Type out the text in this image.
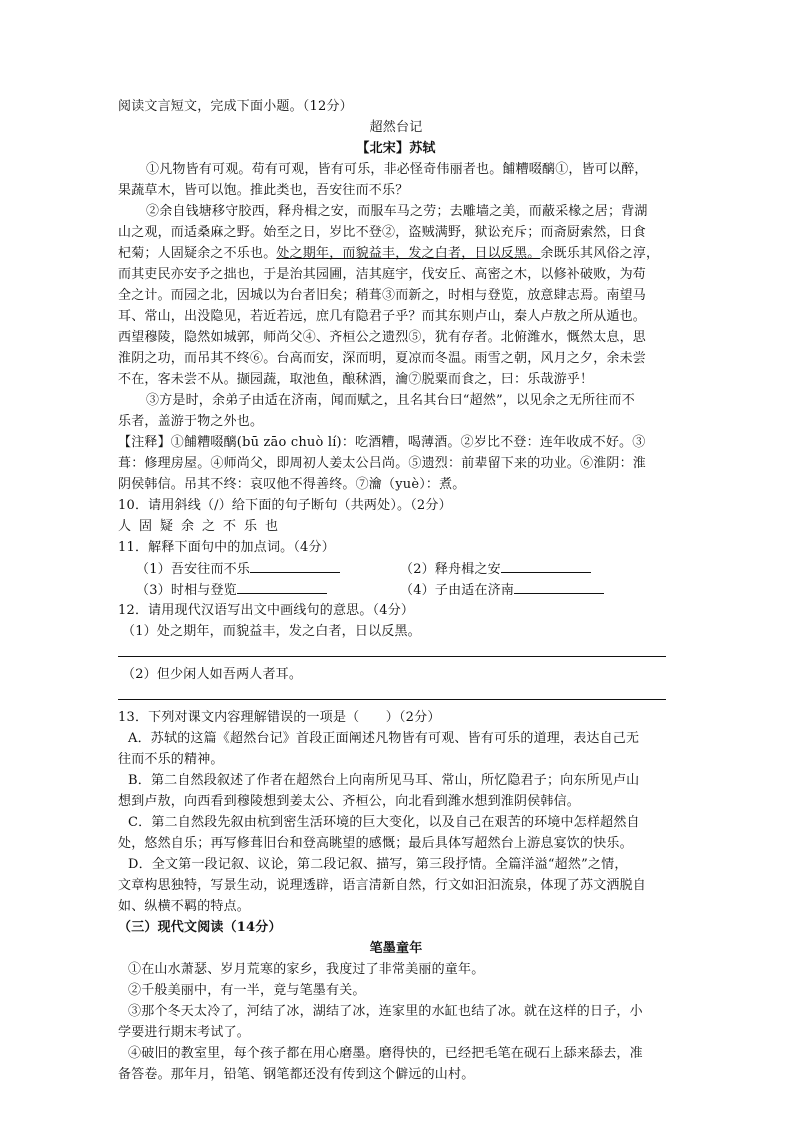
阅读文言短文，完成下面小题。（12分）
超然台记
【北宋】苏轼
①凡物皆有可观。苟有可观，皆有可乐，非必怪奇伟丽者也。餔糟啜醨①，皆可以醉，
果蔬草木，皆可以饱。推此类也，吾安往而不乐？
②余自钱塘移守胶西，释舟楫之安，而服车马之劳；去雕墙之美，而蔽采椽之居；背湖
山之观，而适桑麻之野。始至之日，岁比不登②，盗贼满野，狱讼充斥；而斋厨索然，日食
杞菊；人固疑余之不乐也。处之期年，而貌益丰，发之白者，日以反黑。余既乐其风俗之淳，
而其吏民亦安予之拙也，于是治其园圃，洁其庭宇，伐安丘、高密之木，以修补破败，为苟
全之计。而园之北，因城以为台者旧矣；稍葺③而新之，时相与登览，放意肆志焉。南望马
耳、常山，出没隐见，若近若远，庶几有隐君子乎？而其东则卢山，秦人卢敖之所从遁也。
西望穆陵，隐然如城郭，师尚父④、齐桓公之遗烈⑤，犹有存者。北俯潍水，慨然太息，思
淮阴之功，而吊其不终⑥。台高而安，深而明，夏凉而冬温。雨雪之朝，风月之夕，余未尝
不在，客未尝不从。撷园蔬，取池鱼，酿秫酒，瀹⑦脱粟而食之，曰：乐哉游乎！
③方是时，余弟子由适在济南，闻而赋之，且名其台曰“超然”，以见余之无所往而不
乐者，盖游于物之外也。
【注释】①餔糟啜醨(bū zāo chuò lí)：吃酒糟，喝薄酒。②岁比不登：连年收成不好。③
葺：修理房屋。④师尚父，即周初人姜太公吕尚。⑤遗烈：前辈留下来的功业。⑥淮阴：淮
阴侯韩信。吊其不终：哀叹他不得善终。⑦瀹（yuè）：煮。
10．请用斜线（/）给下面的句子断句（共两处）。（2分）
人固疑余之不乐也
11．解释下面句中的加点词。（4分）
（1）吾安往而不乐	（2）释舟楫之安
（3）时相与登览	（4）子由适在济南
12．请用现代汉语写出文中画线句的意思。（4分）
（1）处之期年，而貌益丰，发之白者，日以反黑。
（2）但少闲人如吾两人者耳。
13．下列对课文内容理解错误的一项是（　　）（2分）
A．苏轼的这篇《超然台记》首段正面阐述凡物皆有可观、皆有可乐的道理，表达自己无
往而不乐的精神。
B．第二自然段叙述了作者在超然台上向南所见马耳、常山，所忆隐君子；向东所见卢山
想到卢敖，向西看到穆陵想到姜太公、齐桓公，向北看到潍水想到淮阴侯韩信。
C．第二自然段先叙由杭到密生活环境的巨大变化，以及自己在艰苦的环境中怎样超然自
处，悠然自乐；再写修葺旧台和登高眺望的感慨；最后具体写超然台上游息宴饮的快乐。
D．全文第一段记叙、议论，第二段记叙、描写，第三段抒情。全篇洋溢“超然”之情，
文章构思独特，写景生动，说理透辟，语言清新自然，行文如汩汩流泉，体现了苏文洒脱自
如、纵横不羁的特点。
（三）现代文阅读（14分）
笔墨童年
①在山水萧瑟、岁月荒寒的家乡，我度过了非常美丽的童年。
②千般美丽中，有一半，竟与笔墨有关。
③那个冬天太冷了，河结了冰，湖结了冰，连家里的水缸也结了冰。就在这样的日子，小
学要进行期末考试了。
④破旧的教室里，每个孩子都在用心磨墨。磨得快的，已经把毛笔在砚石上舔来舔去，准
备答卷。那年月，铅笔、钢笔都还没有传到这个僻远的山村。
